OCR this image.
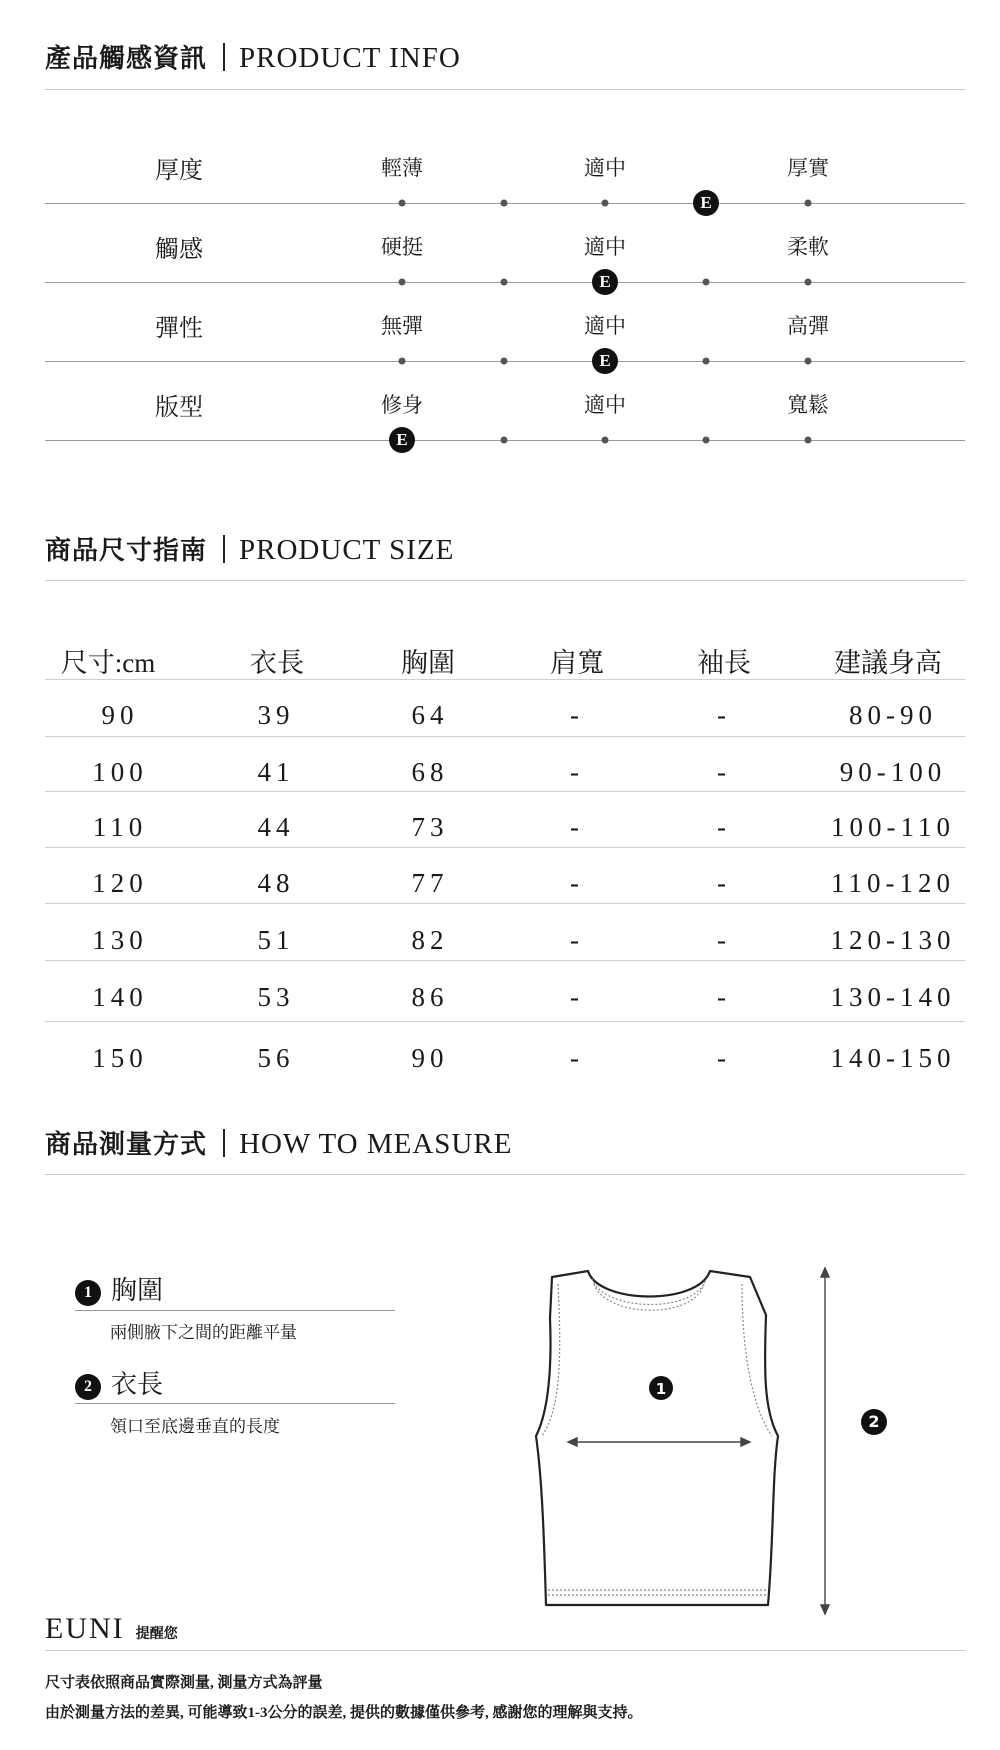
產品觸感資訊 PRODUCT INFO
厚度	輕薄	適中	厚實
E
觸感	硬挺	適中	柔軟
E
彈性	無彈	適中	高彈
E
版型	修身	適中	寬鬆
E
商品尺寸指南 PRODUCT SIZE
尺寸:cm	衣長	胸圍	肩寬	袖長	建議身高
90	39	64	-	-	80-90
100	41	68	-	-	90-100
110	44	73	-	-	100-110
120	48	77	-	-	110-120
130	51	82	-	-	120-130
140	53	86	-	-	130-140
150	56	90	-	-	140-150
商品測量方式 HOW TO MEASURE
1 胸圍
兩側腋下之間的距離平量
2 衣長
領口至底邊垂直的長度
1
2
EUNI 提醒您
尺寸表依照商品實際測量, 測量方式為評量
由於測量方法的差異, 可能導致1-3公分的誤差, 提供的數據僅供參考, 感謝您的理解與支持。
